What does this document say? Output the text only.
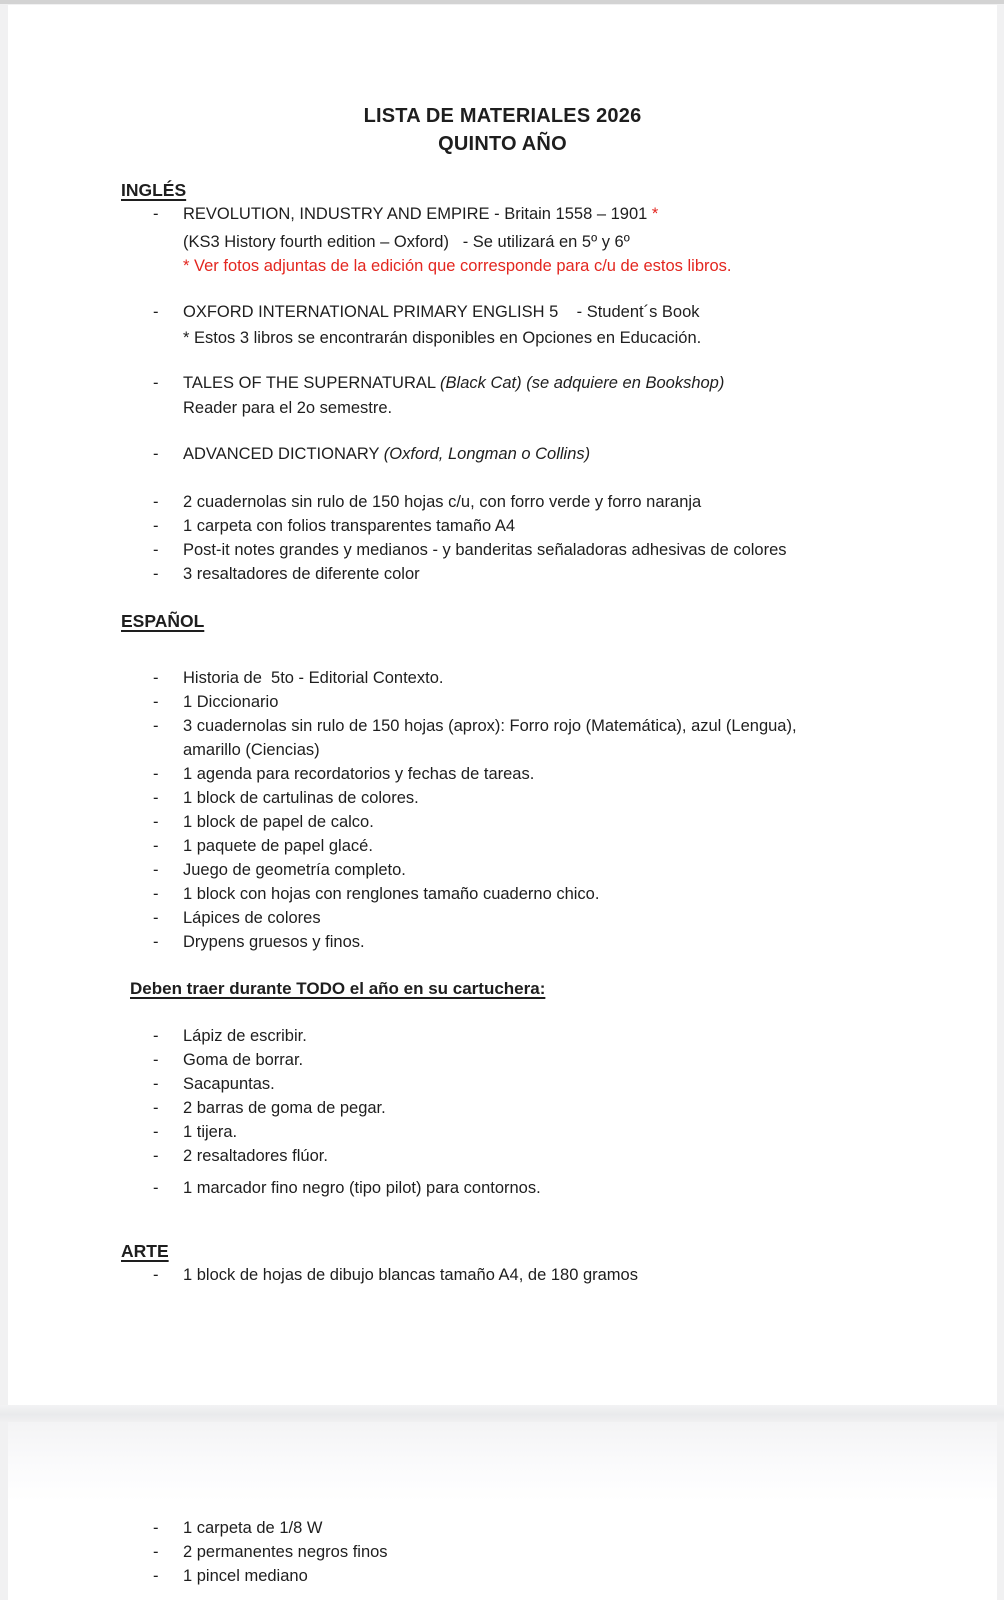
LISTA DE MATERIALES 2026
QUINTO AÑO
INGLÉS
- REVOLUTION, INDUSTRY AND EMPIRE - Britain 1558 – 1901 *
(KS3 History fourth edition – Oxford)   - Se utilizará en 5º y 6º
* Ver fotos adjuntas de la edición que corresponde para c/u de estos libros.
- OXFORD INTERNATIONAL PRIMARY ENGLISH 5    - Student´s Book
* Estos 3 libros se encontrarán disponibles en Opciones en Educación.
- TALES OF THE SUPERNATURAL (Black Cat) (se adquiere en Bookshop)
Reader para el 2o semestre.
- ADVANCED DICTIONARY (Oxford, Longman o Collins)
- 2 cuadernolas sin rulo de 150 hojas c/u, con forro verde y forro naranja
- 1 carpeta con folios transparentes tamaño A4
- Post-it notes grandes y medianos - y banderitas señaladoras adhesivas de colores
- 3 resaltadores de diferente color
ESPAÑOL
- Historia de  5to - Editorial Contexto.
- 1 Diccionario
- 3 cuadernolas sin rulo de 150 hojas (aprox): Forro rojo (Matemática), azul (Lengua),
amarillo (Ciencias)
- 1 agenda para recordatorios y fechas de tareas.
- 1 block de cartulinas de colores.
- 1 block de papel de calco.
- 1 paquete de papel glacé.
- Juego de geometría completo.
- 1 block con hojas con renglones tamaño cuaderno chico.
- Lápices de colores
- Drypens gruesos y finos.
Deben traer durante TODO el año en su cartuchera:
- Lápiz de escribir.
- Goma de borrar.
- Sacapuntas.
- 2 barras de goma de pegar.
- 1 tijera.
- 2 resaltadores flúor.
- 1 marcador fino negro (tipo pilot) para contornos.
ARTE
- 1 block de hojas de dibujo blancas tamaño A4, de 180 gramos
- 1 carpeta de 1/8 W
- 2 permanentes negros finos
- 1 pincel mediano
